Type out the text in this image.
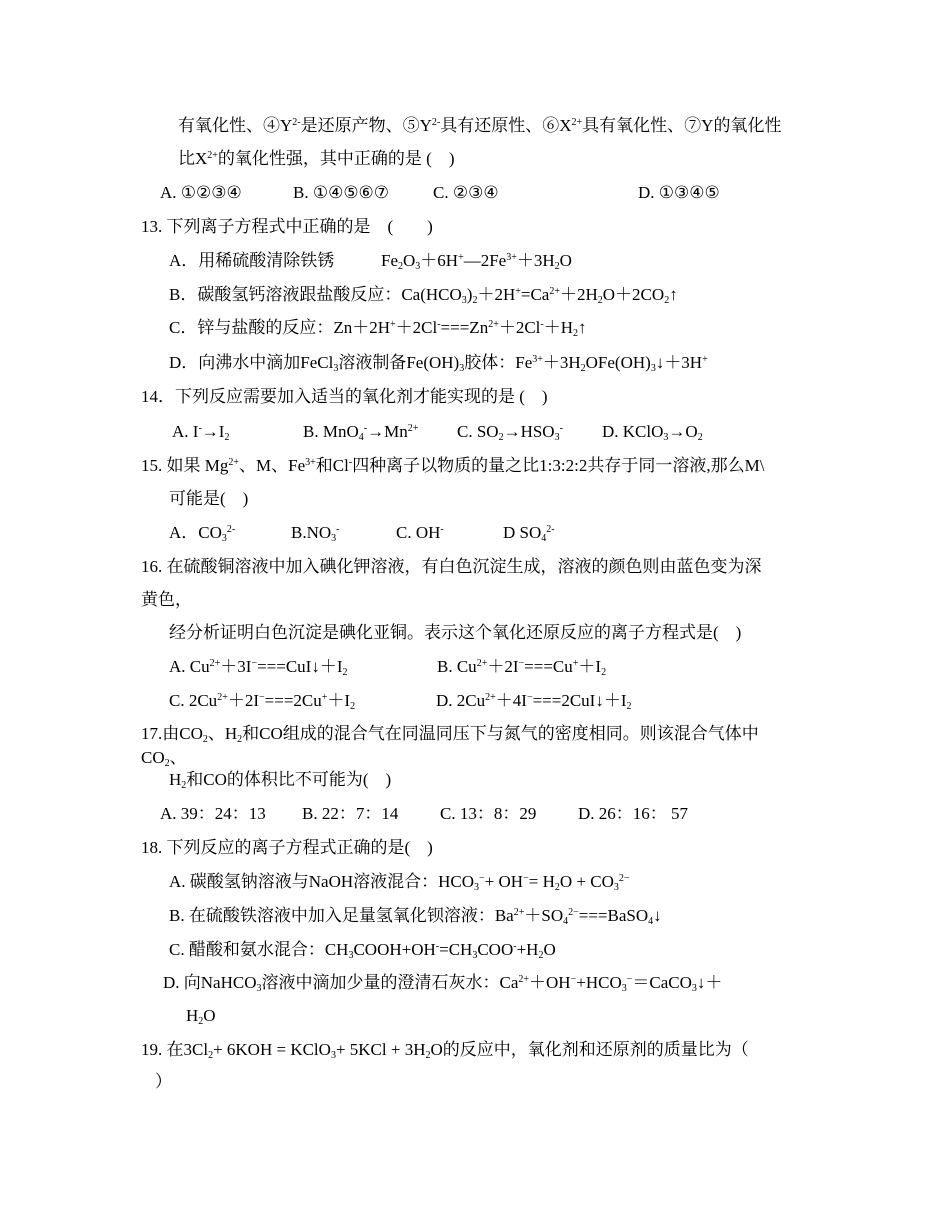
有氧化性、$④Y^{2-}$是还原产物、$⑤Y^{2-}$具有还原性、$⑥X^{2+}$具有氧化性、⑦Y的氧化性
比$X^{2+}$的氧化性强，其中正确的是 (　)
A. ①②③④	B. ①④⑤⑥⑦	C. ②③④	D. ①③④⑤
13. 下列离子方程式中正确的是　(　　)
A．用稀硫酸清除铁锈	$Fe_2O_3+6H^+—2Fe^{3+}+3H_2O$
B．碳酸氢钙溶液跟盐酸反应：$Ca(HCO_3)_2+2H^+=Ca^{2+}+2H_2O+2CO_2↑$
C．锌与盐酸的反应：$Zn+2H^++2Cl^-===Zn^{2+}+2Cl^-+H_2↑$
D．向沸水中滴加FeCl$_3$溶液制备$Fe(OH)_3$胶体：$Fe^{3+}+3H_2OFe(OH)_3↓+3H^+$
14．下列反应需要加入适当的氧化剂才能实现的是 (　)
A. $I^-\to I_2$	B. $MnO_4^-\to Mn^{2+}$ C. $SO_2\to HSO_3^-$ D. $KClO_3\to O_2$
15. 如果 $Mg^{2+}$、M、$Fe^{3+}$和Cl-四种离子以物质的量之比1:3:2:2共存于同一溶液,那么M\
可能是(　)
A．$CO_3^{2-}$	$B.NO_3^-$	C. OH-	D $SO_4^{2-}$
16. 在硫酸铜溶液中加入碘化钾溶液，有白色沉淀生成，溶液的颜色则由蓝色变为深
黄色，
经分析证明白色沉淀是碘化亚铜。表示这个氧化还原反应的离子方程式是(　)
A. $Cu^{2+}+3I^-===CuI↓+I_2$	B. $Cu^{2+}+2I^-===Cu^++I_2$
C. $2Cu^{2+}+2I^-===2Cu^++I_2$	D. $2Cu^{2+}+4I^-===2CuI↓+I_2$
17.由$CO_2$、$H_2$和CO组成的混合气在同温同压下与氮气的密度相同。则该混合气体中
$CO_2$、
$H_2$和CO的体积比不可能为(　)
A. 39：24：13 B. 22：7：14 C. 13：8：29 D. 26：16： 57
18. 下列反应的离子方程式正确的是(　)
A. 碳酸氢钠溶液与NaOH溶液混合：$HCO_3^-+ OH^-= H_2O + CO_3^{2-}$
B. 在硫酸铁溶液中加入足量氢氧化钡溶液：$Ba^{2+}+SO_4^{2-}===BaSO_4↓$
C. 醋酸和氨水混合：$CH_3COOH+OH^-=CH_3COO^-+H_2O$
D. 向NaHCO$_3$溶液中滴加少量的澄清石灰水：$Ca^{2+}+OH^-+HCO_3^-=CaCO_3↓+$
$H_2O$
19. 在$3Cl_2+ 6KOH$ = KClO$_3$+ $5KCl + 3H_2O$的反应中，氧化剂和还原剂的质量比为（
）
